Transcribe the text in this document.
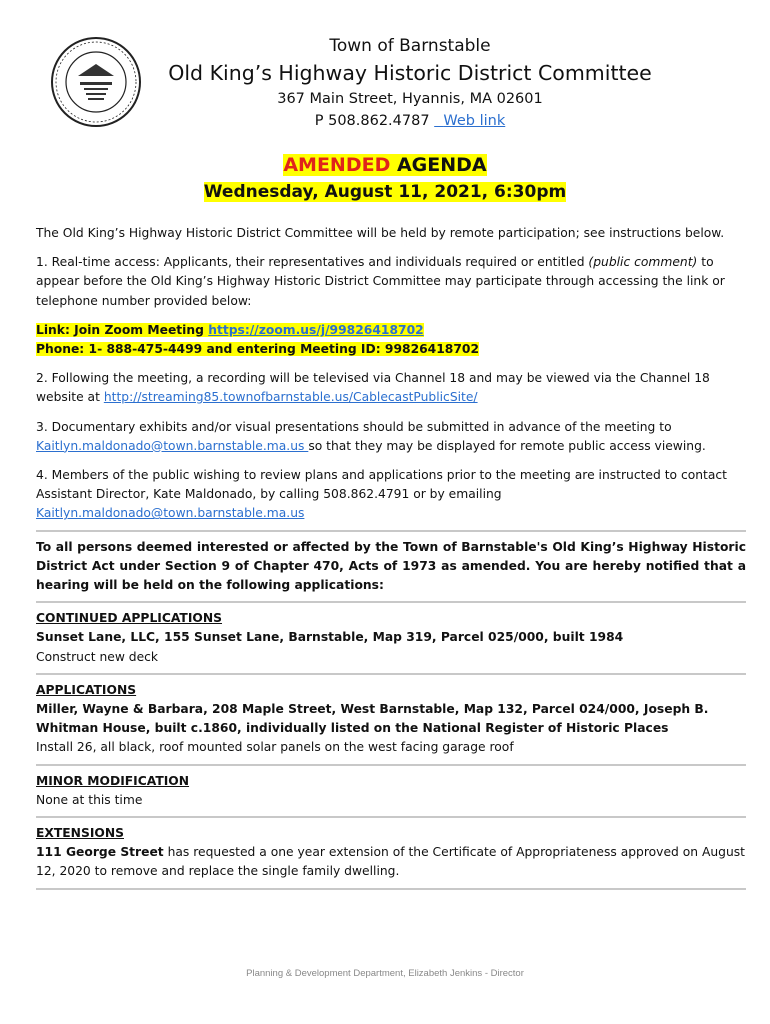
Town of Barnstable
Old King’s Highway Historic District Committee
367 Main Street, Hyannis, MA 02601
P 508.862.4787 Web link
AMENDED AGENDA
Wednesday, August 11, 2021, 6:30pm

The Old King’s Highway Historic District Committee will be held by remote participation; see instructions below.

1. Real-time access: Applicants, their representatives and individuals required or entitled (public comment) to appear before the Old King’s Highway Historic District Committee may participate through accessing the link or telephone number provided below:

Link: Join Zoom Meeting https://zoom.us/j/99826418702

Phone: 1- 888-475-4499 and entering Meeting ID: 99826418702

2. Following the meeting, a recording will be televised via Channel 18 and may be viewed via the Channel 18 website at http://streaming85.townofbarnstable.us/CablecastPublicSite/

3. Documentary exhibits and/or visual presentations should be submitted in advance of the meeting to Kaitlyn.maldonado@town.barnstable.ma.us so that they may be displayed for remote public access viewing.

4. Members of the public wishing to review plans and applications prior to the meeting are instructed to contact Assistant Director, Kate Maldonado, by calling 508.862.4791 or by emailing Kaitlyn.maldonado@town.barnstable.ma.us

To all persons deemed interested or affected by the Town of Barnstable's Old King’s Highway Historic District Act under Section 9 of Chapter 470, Acts of 1973 as amended. You are hereby notified that a hearing will be held on the following applications:

CONTINUED APPLICATIONS

Sunset Lane, LLC, 155 Sunset Lane, Barnstable, Map 319, Parcel 025/000, built 1984

Construct new deck

APPLICATIONS

Miller, Wayne & Barbara, 208 Maple Street, West Barnstable, Map 132, Parcel 024/000, Joseph B. Whitman House, built c.1860, individually listed on the National Register of Historic Places

Install 26, all black, roof mounted solar panels on the west facing garage roof

MINOR MODIFICATION

None at this time

EXTENSIONS

111 George Street has requested a one year extension of the Certificate of Appropriateness approved on August 12, 2020 to remove and replace the single family dwelling.

Planning & Development Department, Elizabeth Jenkins - Director
